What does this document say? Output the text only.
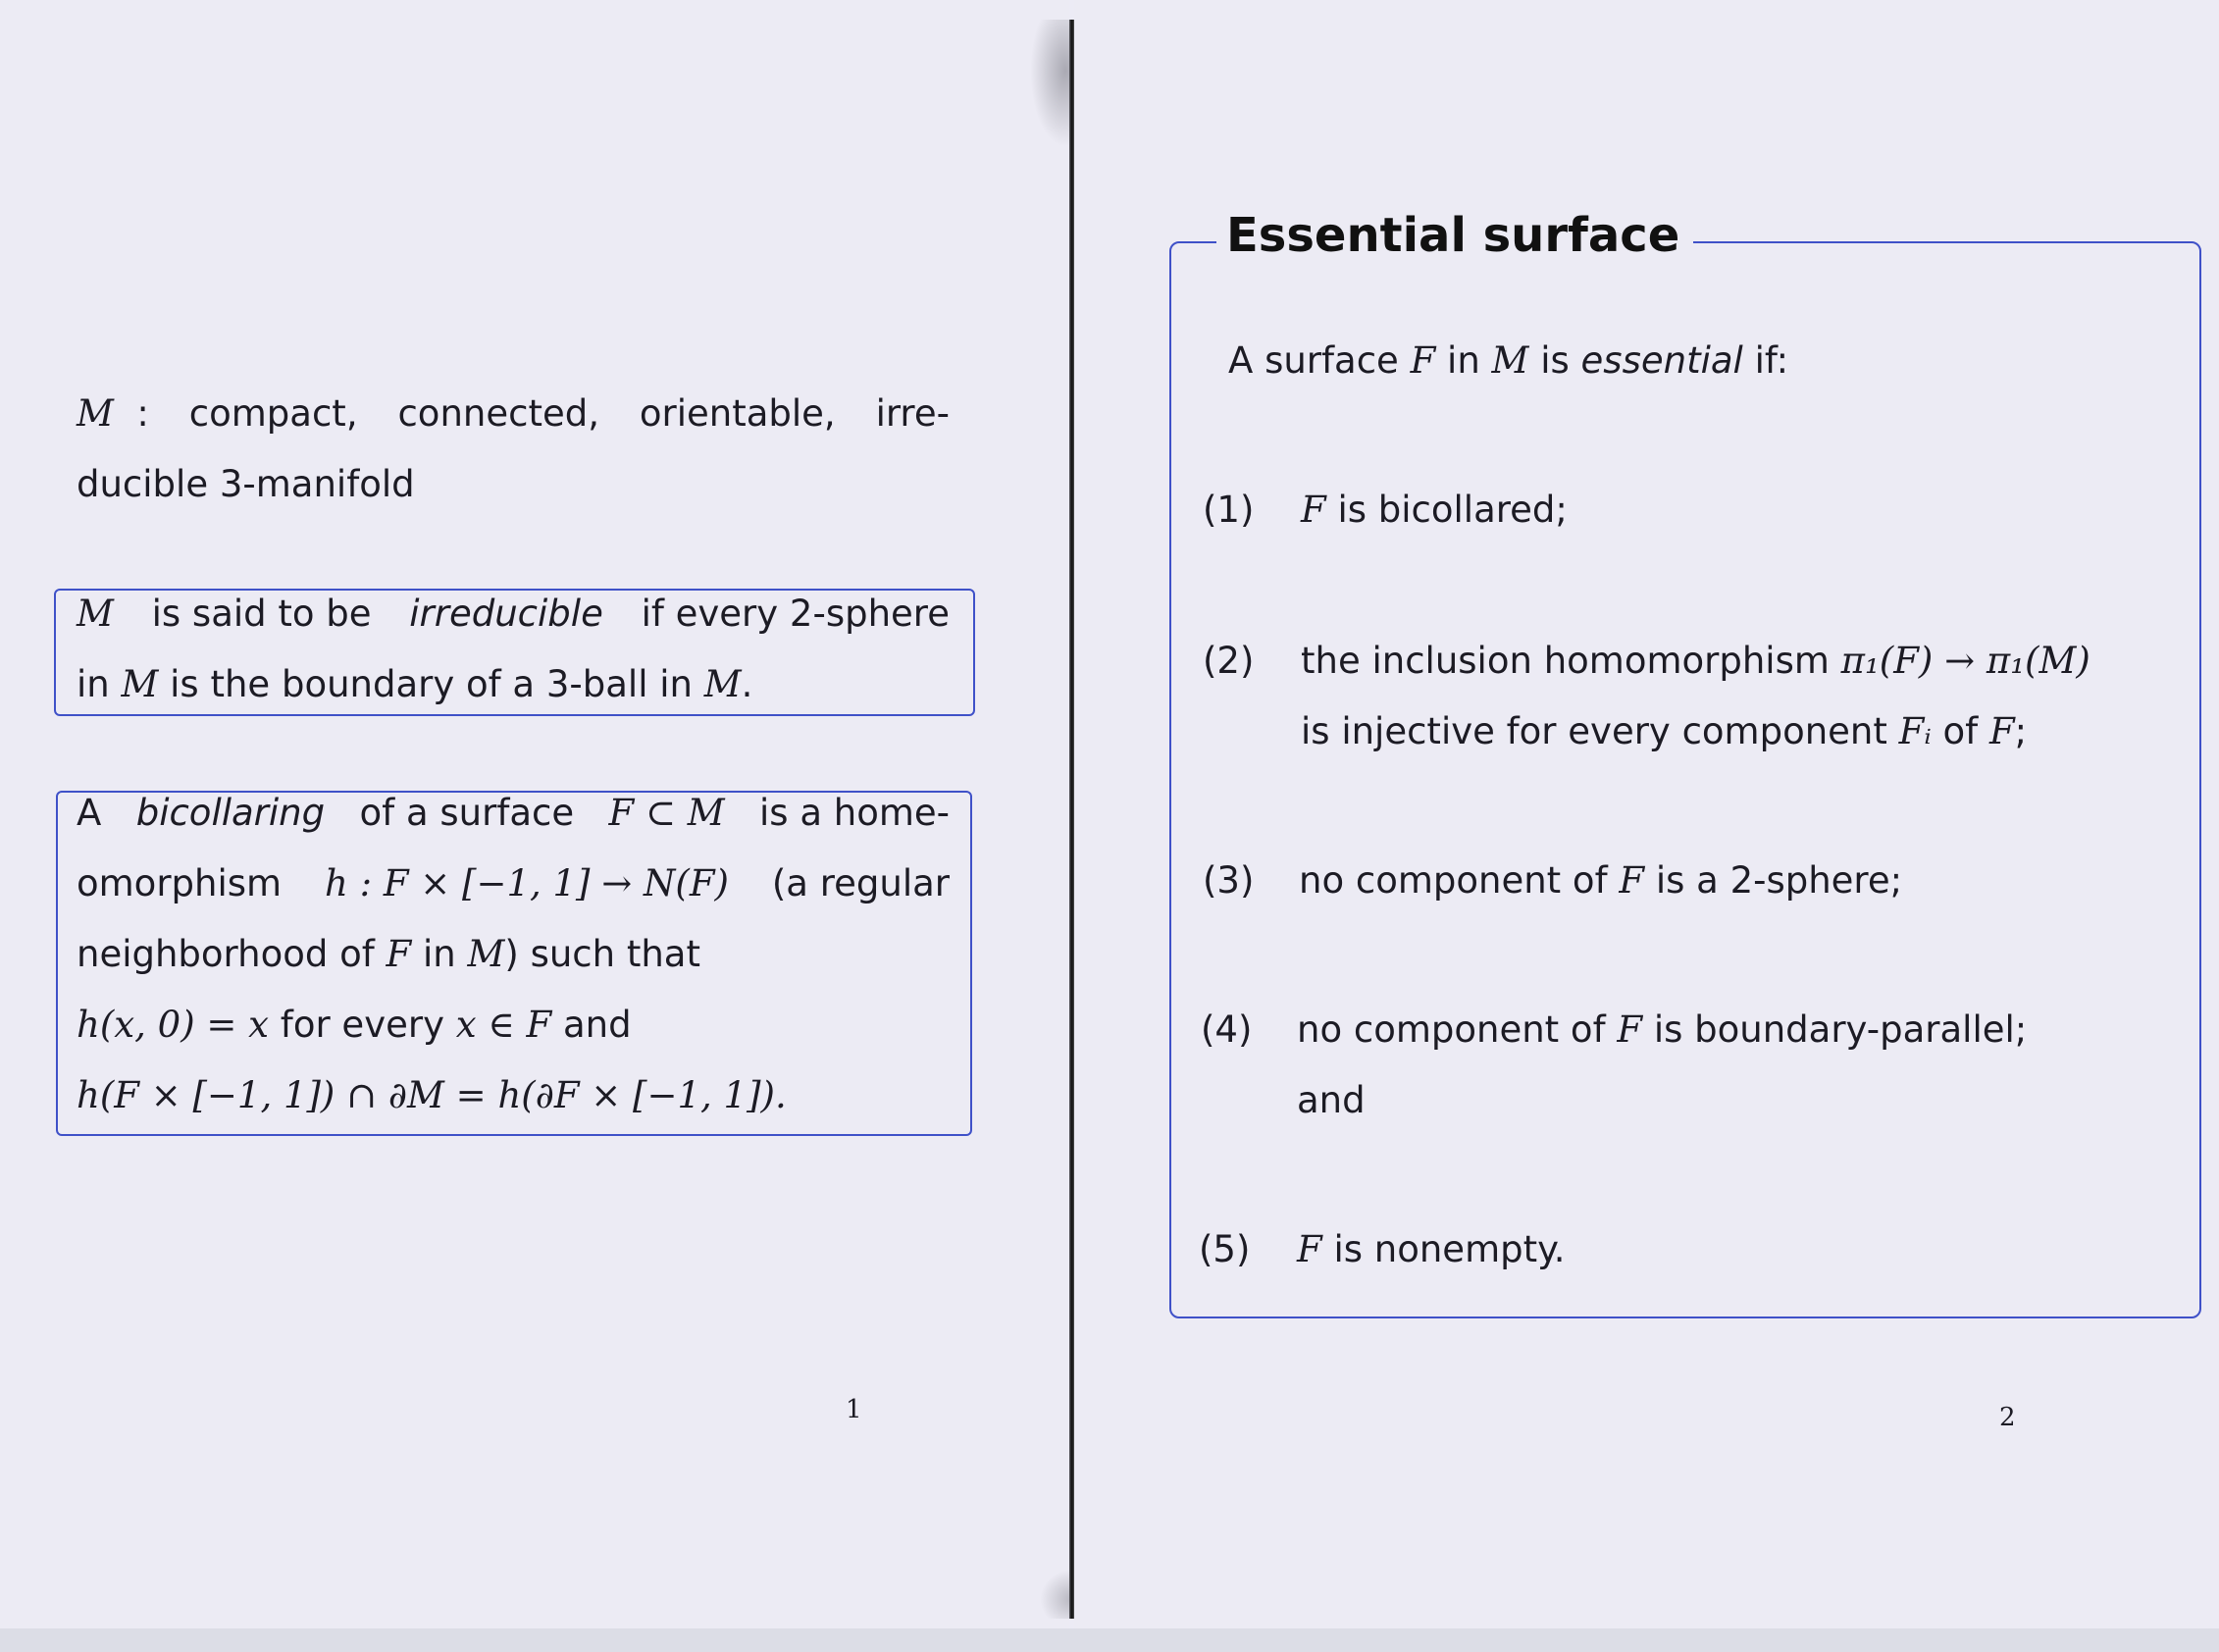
M : compact, connected, orientable, irre-
ducible 3-manifold
M is said to be irreducible if every 2-sphere
in M is the boundary of a 3-ball in M.
A bicollaring of a surface F ⊂ M is a home-
omorphism h : F × [−1, 1] → N(F) (a regular
neighborhood of F in M) such that
h(x, 0) = x for every x ∈ F and
h(F × [−1, 1]) ∩ ∂M = h(∂F × [−1, 1]).
1
Essential surface
A surface F in M is essential if:
(1) F is bicollared;
(2) the inclusion homomorphism π₁(F) → π₁(M)
is injective for every component Fᵢ of F;
(3) no component of F is a 2-sphere;
(4) no component of F is boundary-parallel;
and
(5) F is nonempty.
2
